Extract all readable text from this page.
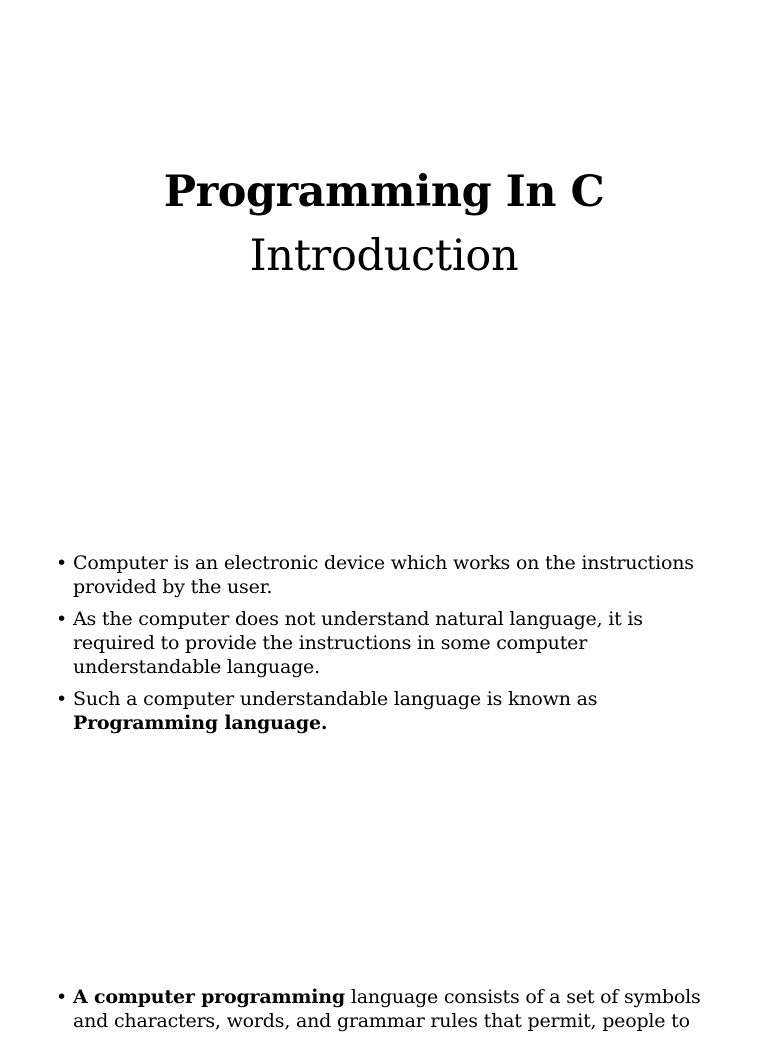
Programming In C
Introduction
• Computer is an electronic device which works on the instructions provided by the user.
• As the computer does not understand natural language, it is required to provide the instructions in some computer understandable language.
• Such a computer understandable language is known as Programming language.
• A computer programming language consists of a set of symbols and characters, words, and grammar rules that permit, people to
